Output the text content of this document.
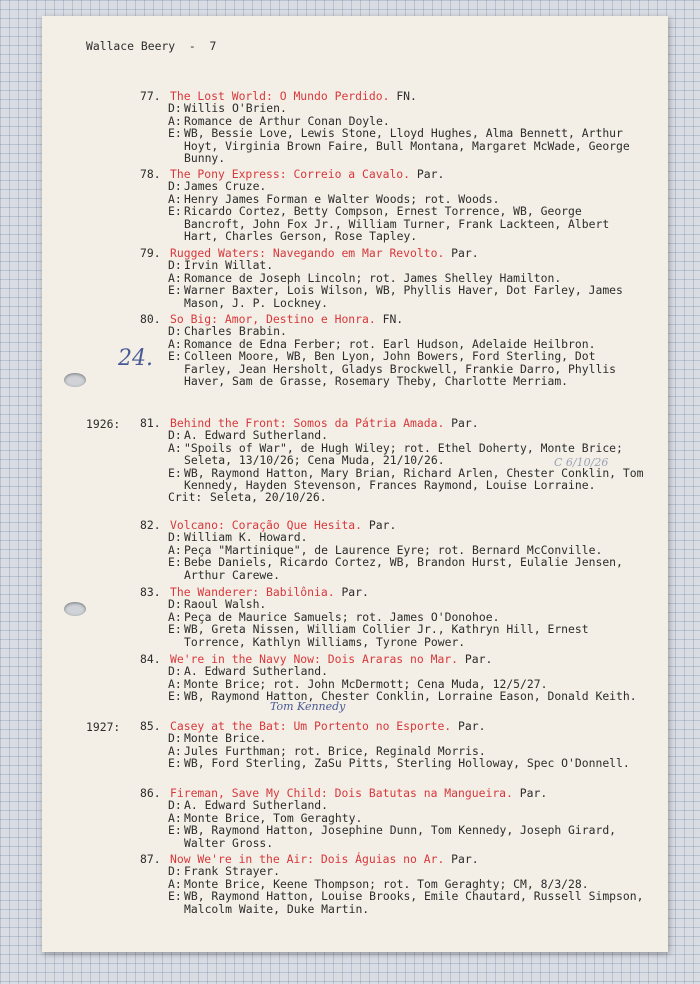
Wallace Beery  -  7
24.
C 6/10/26
Tom Kennedy
1926:
1927:
77. The Lost World: O Mundo Perdido. FN.
D: Willis O'Brien.
A: Romance de Arthur Conan Doyle.
E: WB, Bessie Love, Lewis Stone, Lloyd Hughes, Alma Bennett, Arthur Hoyt, Virginia Brown Faire, Bull Montana, Margaret McWade, George Bunny.
78. The Pony Express: Correio a Cavalo. Par.
D: James Cruze.
A: Henry James Forman e Walter Woods; rot. Woods.
E: Ricardo Cortez, Betty Compson, Ernest Torrence, WB, George Bancroft, John Fox Jr., William Turner, Frank Lackteen, Albert Hart, Charles Gerson, Rose Tapley.
79. Rugged Waters: Navegando em Mar Revolto. Par.
D: Irvin Willat.
A: Romance de Joseph Lincoln; rot. James Shelley Hamilton.
E: Warner Baxter, Lois Wilson, WB, Phyllis Haver, Dot Farley, James Mason, J. P. Lockney.
80. So Big: Amor, Destino e Honra. FN.
D: Charles Brabin.
A: Romance de Edna Ferber; rot. Earl Hudson, Adelaide Heilbron.
E: Colleen Moore, WB, Ben Lyon, John Bowers, Ford Sterling, Dot Farley, Jean Hersholt, Gladys Brockwell, Frankie Darro, Phyllis Haver, Sam de Grasse, Rosemary Theby, Charlotte Merriam.
81. Behind the Front: Somos da Pátria Amada. Par.
D: A. Edward Sutherland.
A: "Spoils of War", de Hugh Wiley; rot. Ethel Doherty, Monte Brice; Seleta, 13/10/26; Cena Muda, 21/10/26.
E: WB, Raymond Hatton, Mary Brian, Richard Arlen, Chester Conklin, Tom Kennedy, Hayden Stevenson, Frances Raymond, Louise Lorraine.
Crit: Seleta, 20/10/26.
82. Volcano: Coração Que Hesita. Par.
D: William K. Howard.
A: Peça "Martinique", de Laurence Eyre; rot. Bernard McConville.
E: Bebe Daniels, Ricardo Cortez, WB, Brandon Hurst, Eulalie Jensen, Arthur Carewe.
83. The Wanderer: Babilônia. Par.
D: Raoul Walsh.
A: Peça de Maurice Samuels; rot. James O'Donohoe.
E: WB, Greta Nissen, William Collier Jr., Kathryn Hill, Ernest Torrence, Kathlyn Williams, Tyrone Power.
84. We're in the Navy Now: Dois Araras no Mar. Par.
D: A. Edward Sutherland.
A: Monte Brice; rot. John McDermott; Cena Muda, 12/5/27.
E: WB, Raymond Hatton, Chester Conklin, Lorraine Eason, Donald Keith.
85. Casey at the Bat: Um Portento no Esporte. Par.
D: Monte Brice.
A: Jules Furthman; rot. Brice, Reginald Morris.
E: WB, Ford Sterling, ZaSu Pitts, Sterling Holloway, Spec O'Donnell.
86. Fireman, Save My Child: Dois Batutas na Mangueira. Par.
D: A. Edward Sutherland.
A: Monte Brice, Tom Geraghty.
E: WB, Raymond Hatton, Josephine Dunn, Tom Kennedy, Joseph Girard, Walter Gross.
87. Now We're in the Air: Dois Águias no Ar. Par.
D: Frank Strayer.
A: Monte Brice, Keene Thompson; rot. Tom Geraghty; CM, 8/3/28.
E: WB, Raymond Hatton, Louise Brooks, Emile Chautard, Russell Simpson, Malcolm Waite, Duke Martin.
